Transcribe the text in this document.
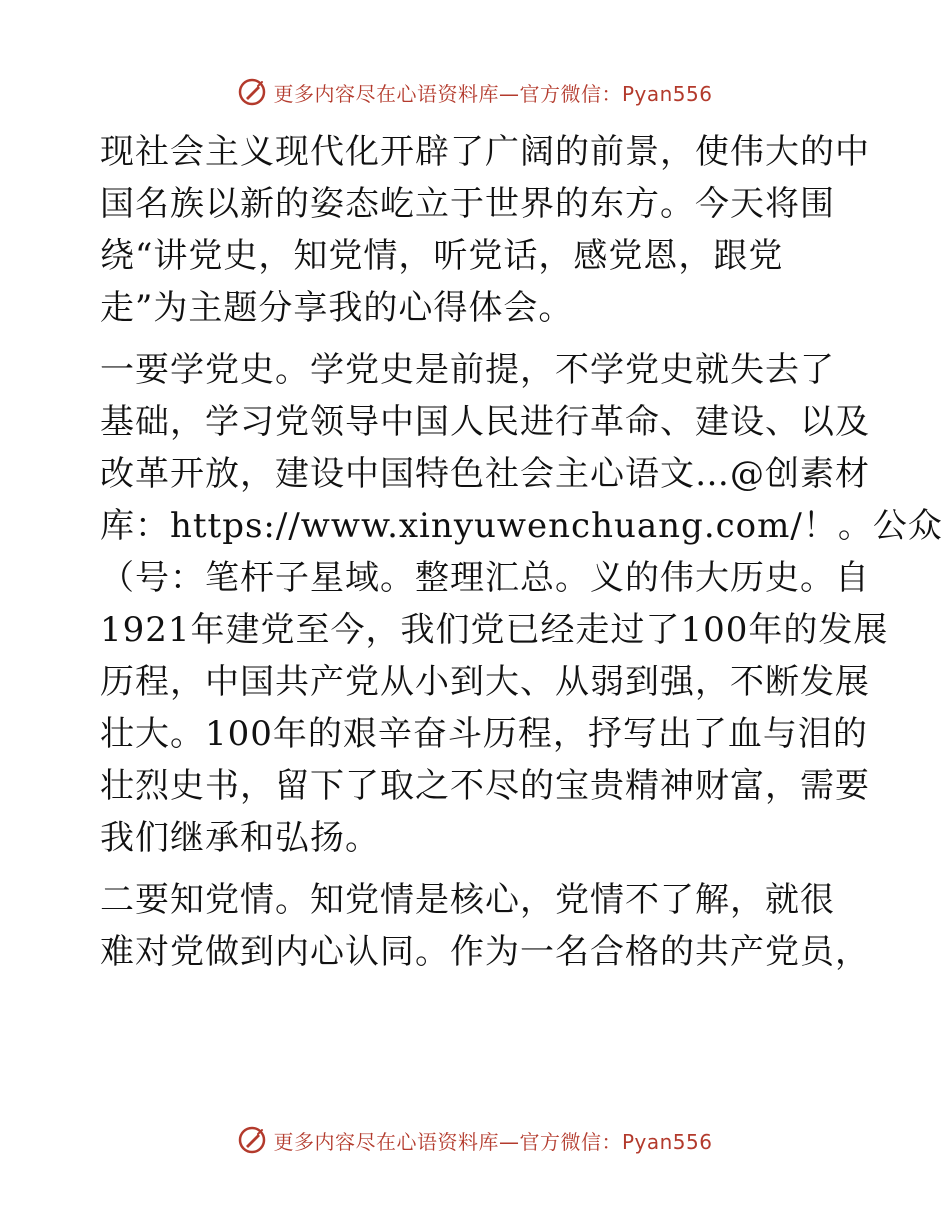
更多内容尽在心语资料库—官方微信：Pyan556
现社会主义现代化开辟了广阔的前景，使伟大的中
国名族以新的姿态屹立于世界的东方。今天将围
绕“讲党史，知党情，听党话，感党恩，跟党
走”为主题分享我的心得体会。
一要学党史。学党史是前提，不学党史就失去了
基础，学习党领导中国人民进行革命、建设、以及
改革开放，建设中国特色社会主心语文…@创素材
库：https://www.xinyuwenchuang.com/！。公众
（号：笔杆子星域。整理汇总。义的伟大历史。自
1921年建党至今，我们党已经走过了100年的发展
历程，中国共产党从小到大、从弱到强，不断发展
壮大。100年的艰辛奋斗历程，抒写出了血与泪的
壮烈史书，留下了取之不尽的宝贵精神财富，需要
我们继承和弘扬。
二要知党情。知党情是核心，党情不了解，就很
难对党做到内心认同。作为一名合格的共产党员，
更多内容尽在心语资料库—官方微信：Pyan556
